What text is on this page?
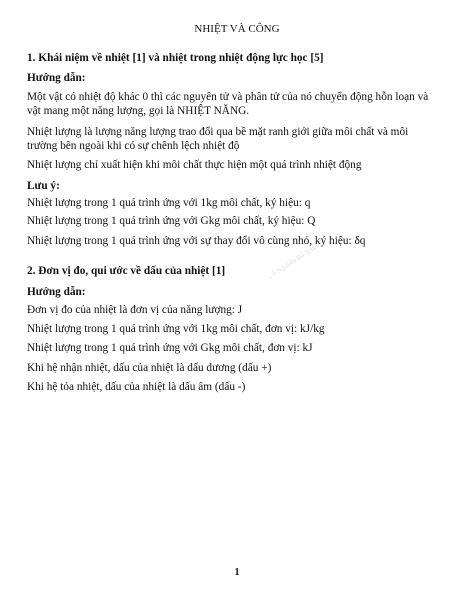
NHIỆT VÀ CÔNG
1. Khái niệm về nhiệt [1] và nhiệt trong nhiệt động lực học [5]
Hướng dẫn:
Một vật có nhiệt độ khác 0 thì các nguyên tử và phân tử của nó chuyển động hỗn loạn và
vật mang một năng lượng, gọi là NHIỆT NĂNG.
Nhiệt lượng là lượng năng lượng trao đổi qua bề mặt ranh giới giữa môi chất và môi
trường bên ngoài khi có sự chênh lệch nhiệt độ
Nhiệt lượng chỉ xuất hiện khi môi chất thực hiện một quá trình nhiệt động
Lưu ý:
Nhiệt lượng trong 1 quá trình ứng với 1kg môi chất, ký hiệu: q
Nhiệt lượng trong 1 quá trình ứng với Gkg môi chất, ký hiệu: Q
Nhiệt lượng trong 1 quá trình ứng với sự thay đổi vô cùng nhỏ, ký hiệu: δq
2. Đơn vị đo, qui ước về dấu của nhiệt [1]
Hướng dẫn:
Đơn vị đo của nhiệt là đơn vị của năng lượng: J
Nhiệt lượng trong 1 quá trình ứng với 1kg môi chất, đơn vị: kJ/kg
Nhiệt lượng trong 1 quá trình ứng với Gkg môi chất, đơn vị: kJ
Khi hệ nhận nhiệt, dấu của nhiệt là dấu dương (dấu +)
Khi hệ tỏa nhiệt, dấu của nhiệt là dấu âm (dấu -)
...ố Nguyễn Bá Xuân
1
